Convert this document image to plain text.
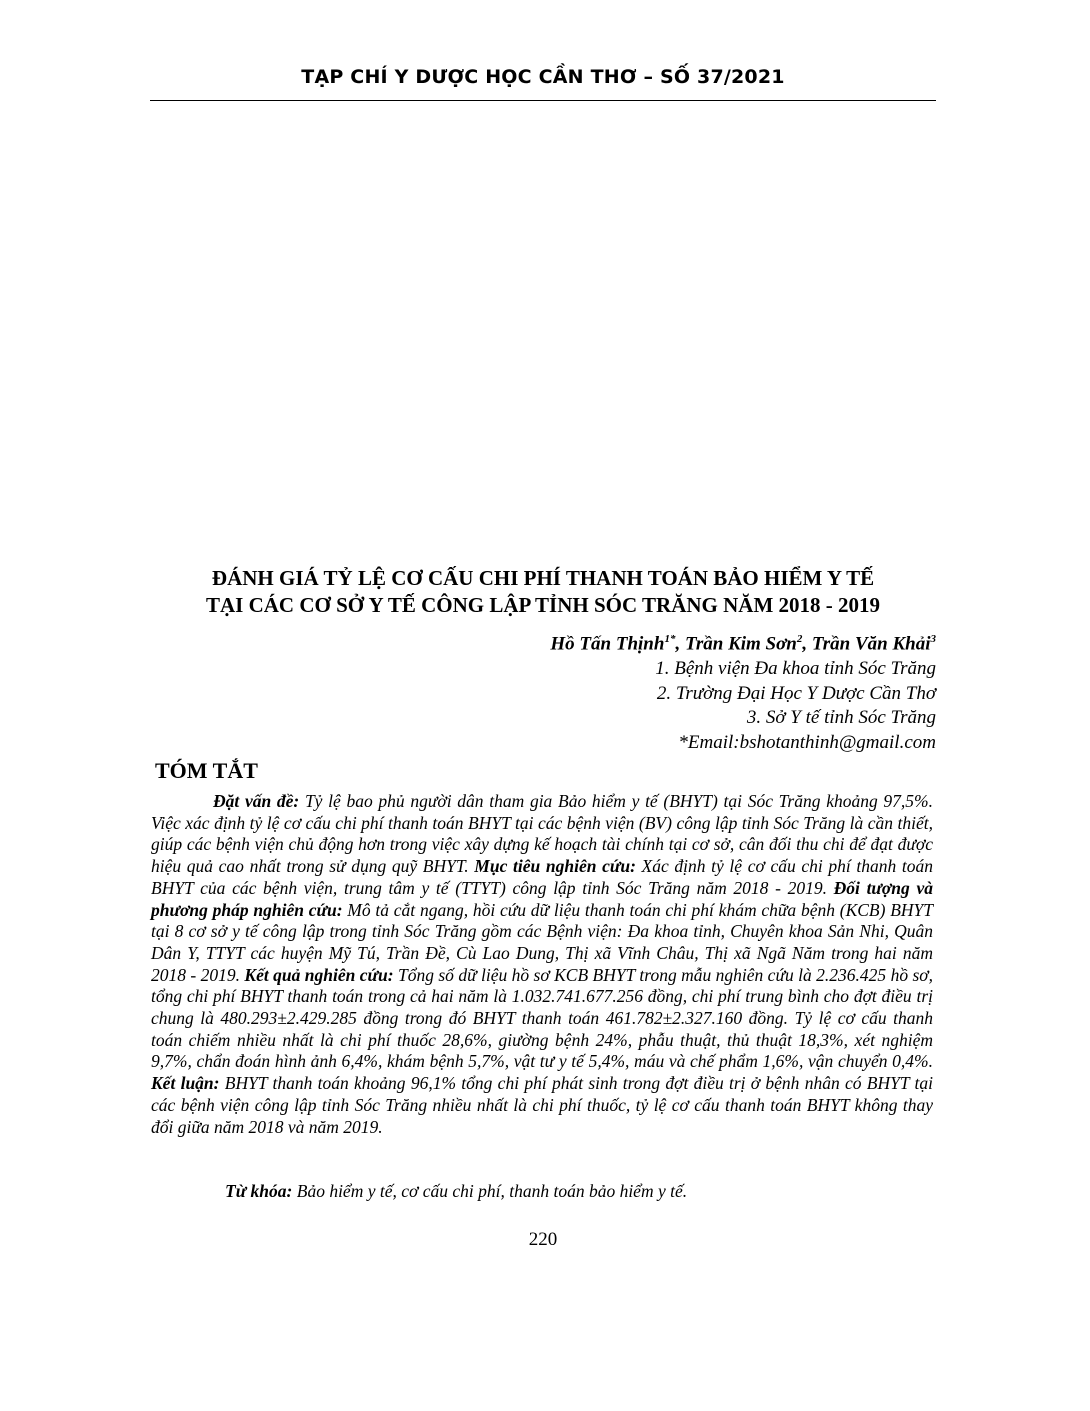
TẠP CHÍ Y DƯỢC HỌC CẦN THƠ – SỐ 37/2021
ĐÁNH GIÁ TỶ LỆ CƠ CẤU CHI PHÍ THANH TOÁN BẢO HIỂM Y TẾ
TẠI CÁC CƠ SỞ Y TẾ CÔNG LẬP TỈNH SÓC TRĂNG NĂM 2018 - 2019
Hồ Tấn Thịnh$^{1*}$, Trần Kim Sơn$^2$, Trần Văn Khải$^3$
1. Bệnh viện Đa khoa tỉnh Sóc Trăng
2. Trường Đại Học Y Dược Cần Thơ
3. Sở Y tế tỉnh Sóc Trăng
*Email:bshotanthinh@gmail.com
TÓM TẮT

Đặt vấn đề: Tỷ lệ bao phủ người dân tham gia Bảo hiểm y tế (BHYT) tại Sóc Trăng khoảng 97,5%. Việc xác định tỷ lệ cơ cấu chi phí thanh toán BHYT tại các bệnh viện (BV) công lập tỉnh Sóc Trăng là cần thiết, giúp các bệnh viện chủ động hơn trong việc xây dựng kế hoạch tài chính tại cơ sở, cân đối thu chi để đạt được hiệu quả cao nhất trong sử dụng quỹ BHYT. Mục tiêu nghiên cứu: Xác định tỷ lệ cơ cấu chi phí thanh toán BHYT của các bệnh viện, trung tâm y tế (TTYT) công lập tỉnh Sóc Trăng năm 2018 - 2019. Đối tượng và phương pháp nghiên cứu: Mô tả cắt ngang, hồi cứu dữ liệu thanh toán chi phí khám chữa bệnh (KCB) BHYT tại 8 cơ sở y tế công lập trong tỉnh Sóc Trăng gồm các Bệnh viện: Đa khoa tỉnh, Chuyên khoa Sản Nhi, Quân Dân Y, TTYT các huyện Mỹ Tú, Trần Đề, Cù Lao Dung, Thị xã Vĩnh Châu, Thị xã Ngã Năm trong hai năm 2018 - 2019. Kết quả nghiên cứu: Tổng số dữ liệu hồ sơ KCB BHYT trong mẫu nghiên cứu là 2.236.425 hồ sơ, tổng chi phí BHYT thanh toán trong cả hai năm là 1.032.741.677.256 đồng, chi phí trung bình cho đợt điều trị chung là 480.293±2.429.285 đồng trong đó BHYT thanh toán 461.782±2.327.160 đồng. Tỷ lệ cơ cấu thanh toán chiếm nhiều nhất là chi phí thuốc 28,6%, giường bệnh 24%, phẫu thuật, thủ thuật 18,3%, xét nghiệm 9,7%, chẩn đoán hình ảnh 6,4%, khám bệnh 5,7%, vật tư y tế 5,4%, máu và chế phẩm 1,6%, vận chuyển 0,4%. Kết luận: BHYT thanh toán khoảng 96,1% tổng chi phí phát sinh trong đợt điều trị ở bệnh nhân có BHYT tại các bệnh viện công lập tỉnh Sóc Trăng nhiều nhất là chi phí thuốc, tỷ lệ cơ cấu thanh toán BHYT không thay đổi giữa năm 2018 và năm 2019.

Từ khóa: Bảo hiểm y tế, cơ cấu chi phí, thanh toán bảo hiểm y tế.
220
